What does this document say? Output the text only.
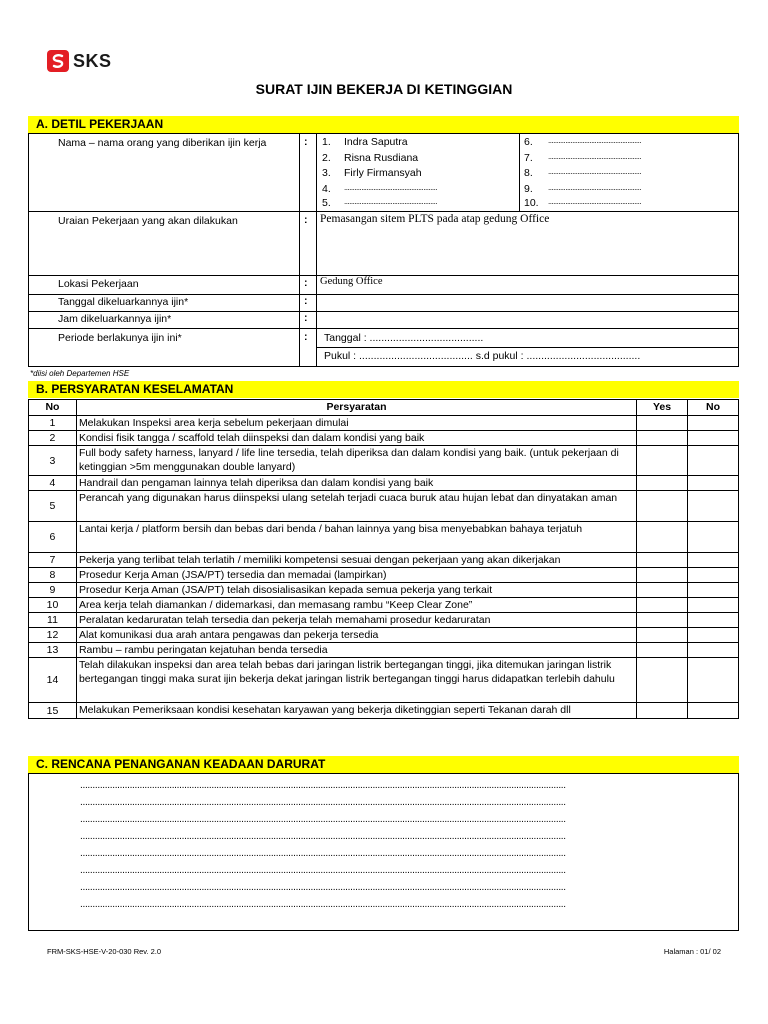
SKS
SURAT IJIN BEKERJA DI KETINGGIAN
A. DETIL PEKERJAAN
Nama – nama orang yang diberikan ijin kerja	: 1. Indra Saputra
2. Risna Rusdiana
3. Firly Firmansyah
4. ......................................................
5. ......................................................
6. ......................................................
7. ......................................................
8. ......................................................
9. ......................................................
10. ......................................................
Uraian Pekerjaan yang akan dilakukan	: Pemasangan sitem PLTS pada atap gedung Office
Lokasi Pekerjaan	: Gedung Office
Tanggal dikeluarkannya ijin*	:
Jam dikeluarkannya ijin*	:
Periode berlakunya ijin ini*	: Tanggal : .......................................
Pukul : ....................................... s.d pukul : .......................................
*diisi oleh Departemen HSE
B. PERSYARATAN KESELAMATAN
No	Persyaratan	Yes	No
1	Melakukan Inspeksi area kerja sebelum pekerjaan dimulai		
2	Kondisi fisik tangga / scaffold telah diinspeksi dan dalam kondisi yang baik		
3	Full body safety harness, lanyard / life line tersedia, telah diperiksa dan dalam kondisi yang baik. (untuk pekerjaan di ketinggian >5m menggunakan double lanyard)		
4	Handrail dan pengaman lainnya telah diperiksa dan dalam kondisi yang baik		
5	Perancah yang digunakan harus diinspeksi ulang setelah terjadi cuaca buruk atau hujan lebat dan dinyatakan aman		
6	Lantai kerja / platform bersih dan bebas dari benda / bahan lainnya yang bisa menyebabkan bahaya terjatuh		
7	Pekerja yang terlibat telah terlatih / memiliki kompetensi sesuai dengan pekerjaan yang akan dikerjakan		
8	Prosedur Kerja Aman (JSA/PT) tersedia dan memadai (lampirkan)		
9	Prosedur Kerja Aman (JSA/PT) telah disosialisasikan kepada semua pekerja yang terkait		
10	Area kerja telah diamankan / didemarkasi, dan memasang rambu “Keep Clear Zone”		
11	Peralatan kedaruratan telah tersedia dan pekerja telah memahami prosedur kedaruratan		
12	Alat komunikasi dua arah antara pengawas dan pekerja tersedia		
13	Rambu – rambu peringatan kejatuhan benda tersedia		
14	Telah dilakukan inspeksi dan area telah bebas dari jaringan listrik bertegangan tinggi, jika ditemukan jaringan listrik bertegangan tinggi maka surat ijin bekerja dekat jaringan listrik bertegangan tinggi harus didapatkan terlebih dahulu		
15	Melakukan Pemeriksaan kondisi kesehatan karyawan yang bekerja diketinggian seperti Tekanan darah dll		
C. RENCANA PENANGANAN KEADAAN DARURAT
....................................................................................................................................................................................................
....................................................................................................................................................................................................
....................................................................................................................................................................................................
....................................................................................................................................................................................................
....................................................................................................................................................................................................
....................................................................................................................................................................................................
....................................................................................................................................................................................................
....................................................................................................................................................................................................
FRM-SKS-HSE-V-20-030 Rev. 2.0	Halaman : 01/ 02
